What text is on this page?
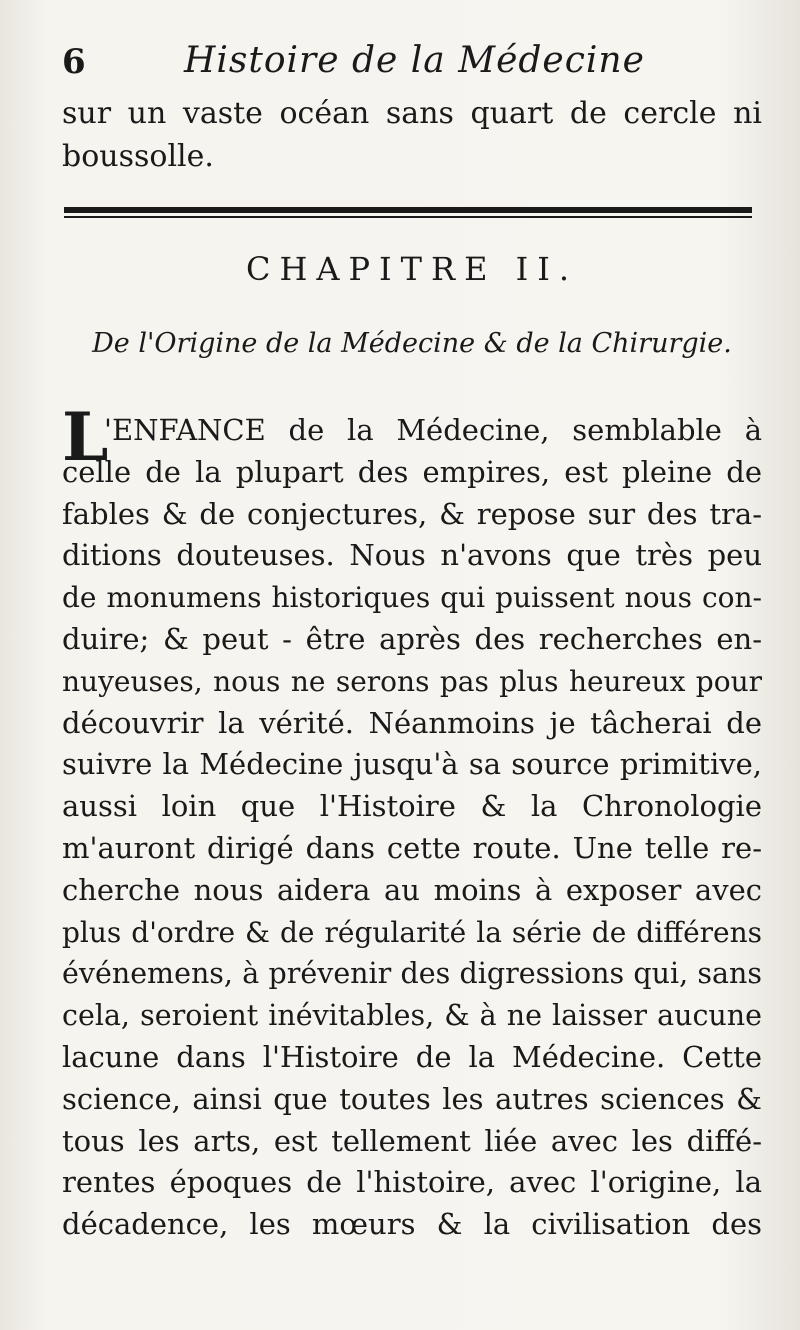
6	Histoire de la Médecine
sur un vaste océan sans quart de cercle ni
boussolle.
CHAPITRE II.
De l'Origine de la Médecine & de la Chirurgie.
L
'ENFANCE de la Médecine, semblable à
celle de la plupart des empires, est pleine de
fables & de conjectures, & repose sur des tra-
ditions douteuses. Nous n'avons que très peu
de monumens historiques qui puissent nous con-
duire; & peut - être après des recherches en-
nuyeuses, nous ne serons pas plus heureux pour
découvrir la vérité. Néanmoins je tâcherai de
suivre la Médecine jusqu'à sa source primitive,
aussi loin que l'Histoire & la Chronologie
m'auront dirigé dans cette route. Une telle re-
cherche nous aidera au moins à exposer avec
plus d'ordre & de régularité la série de différens
événemens, à prévenir des digressions qui, sans
cela, seroient inévitables, & à ne laisser aucune
lacune dans l'Histoire de la Médecine. Cette
science, ainsi que toutes les autres sciences &
tous les arts, est tellement liée avec les diffé-
rentes époques de l'histoire, avec l'origine, la
décadence, les mœurs & la civilisation des
